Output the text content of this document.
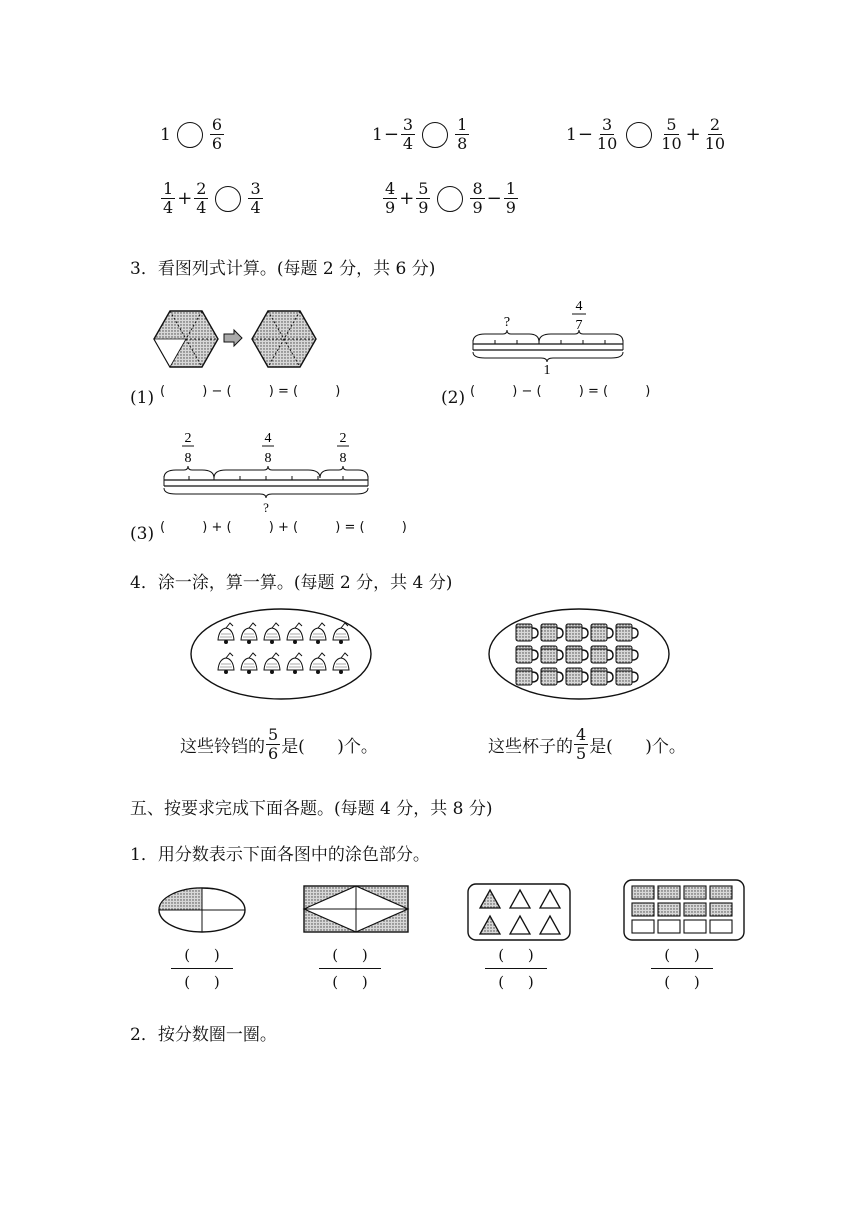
$1 \frac{6}{6}$	$1 - \frac{3}{4}$	$\frac{1}{8}$	$1 - \frac{3}{10}$	$\frac{5}{10} + \frac{2}{10}$
$\frac{1}{4} + \frac{2}{4}$	$\frac{3}{4}$	$\frac{4}{9} + \frac{5}{9}$	$\frac{8}{9} - \frac{1}{9}$
3．看图列式计算。(每题 2 分，共 6 分)
(1) (         ) − (         ) = (         )
?
4
7
1
(2) (         ) − (         ) = (         )
2
8
4
8
2
8
?
(3) (         ) + (         ) + (         ) = (         )
4．涂一涂，算一算。(每题 2 分，共 4 分)
这些铃铛的 $\frac{5}{6}$ 是(      )个。	这些杯子的 $\frac{4}{5}$ 是(      )个。
五、按要求完成下面各题。(每题 4 分，共 8 分)
1．用分数表示下面各图中的涂色部分。
(     )
(     )
(     )
(     )
(     )
(     )
(     )
(     )
2．按分数圈一圈。
